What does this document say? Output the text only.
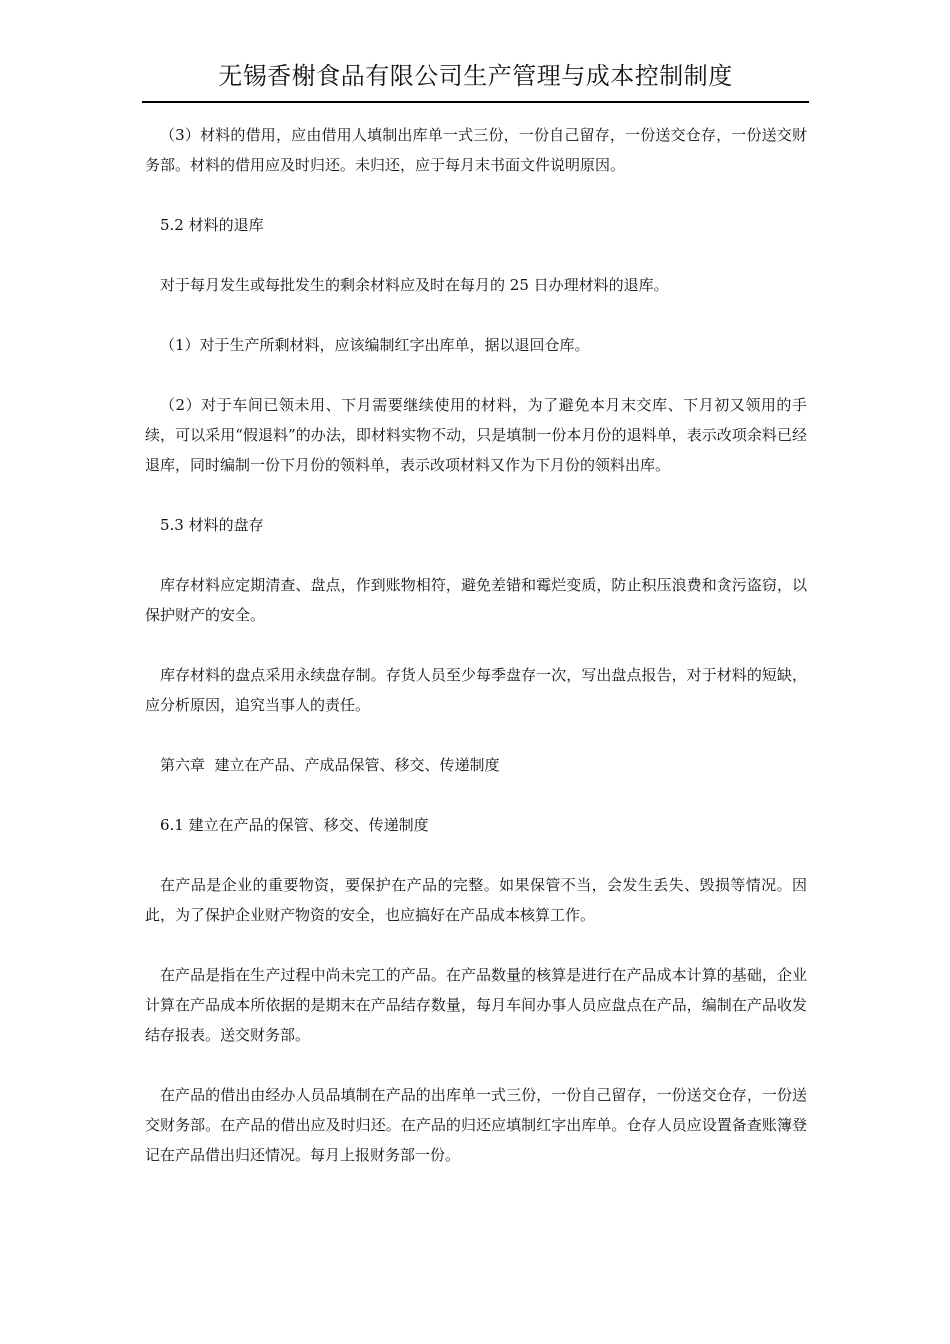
无锡香榭食品有限公司生产管理与成本控制制度

（3）材料的借用，应由借用人填制出库单一式三份，一份自己留存，一份送交仓存，一份送交财务部。材料的借用应及时归还。未归还，应于每月末书面文件说明原因。

5.2 材料的退库

对于每月发生或每批发生的剩余材料应及时在每月的 25 日办理材料的退库。

（1）对于生产所剩材料，应该编制红字出库单，据以退回仓库。

（2）对于车间已领未用、下月需要继续使用的材料，为了避免本月末交库、下月初又领用的手续，可以采用“假退料”的办法，即材料实物不动，只是填制一份本月份的退料单，表示改项余料已经退库，同时编制一份下月份的领料单，表示改项材料又作为下月份的领料出库。

5.3 材料的盘存

库存材料应定期清查、盘点，作到账物相符，避免差错和霉烂变质，防止积压浪费和贪污盗窃，以保护财产的安全。

库存材料的盘点采用永续盘存制。存货人员至少每季盘存一次，写出盘点报告，对于材料的短缺，应分析原因，追究当事人的责任。

第六章  建立在产品、产成品保管、移交、传递制度

6.1 建立在产品的保管、移交、传递制度

在产品是企业的重要物资，要保护在产品的完整。如果保管不当，会发生丢失、毁损等情况。因此，为了保护企业财产物资的安全，也应搞好在产品成本核算工作。

在产品是指在生产过程中尚未完工的产品。在产品数量的核算是进行在产品成本计算的基础，企业计算在产品成本所依据的是期末在产品结存数量，每月车间办事人员应盘点在产品，编制在产品收发结存报表。送交财务部。

在产品的借出由经办人员品填制在产品的出库单一式三份，一份自己留存，一份送交仓存，一份送交财务部。在产品的借出应及时归还。在产品的归还应填制红字出库单。仓存人员应设置备查账簿登记在产品借出归还情况。每月上报财务部一份。
